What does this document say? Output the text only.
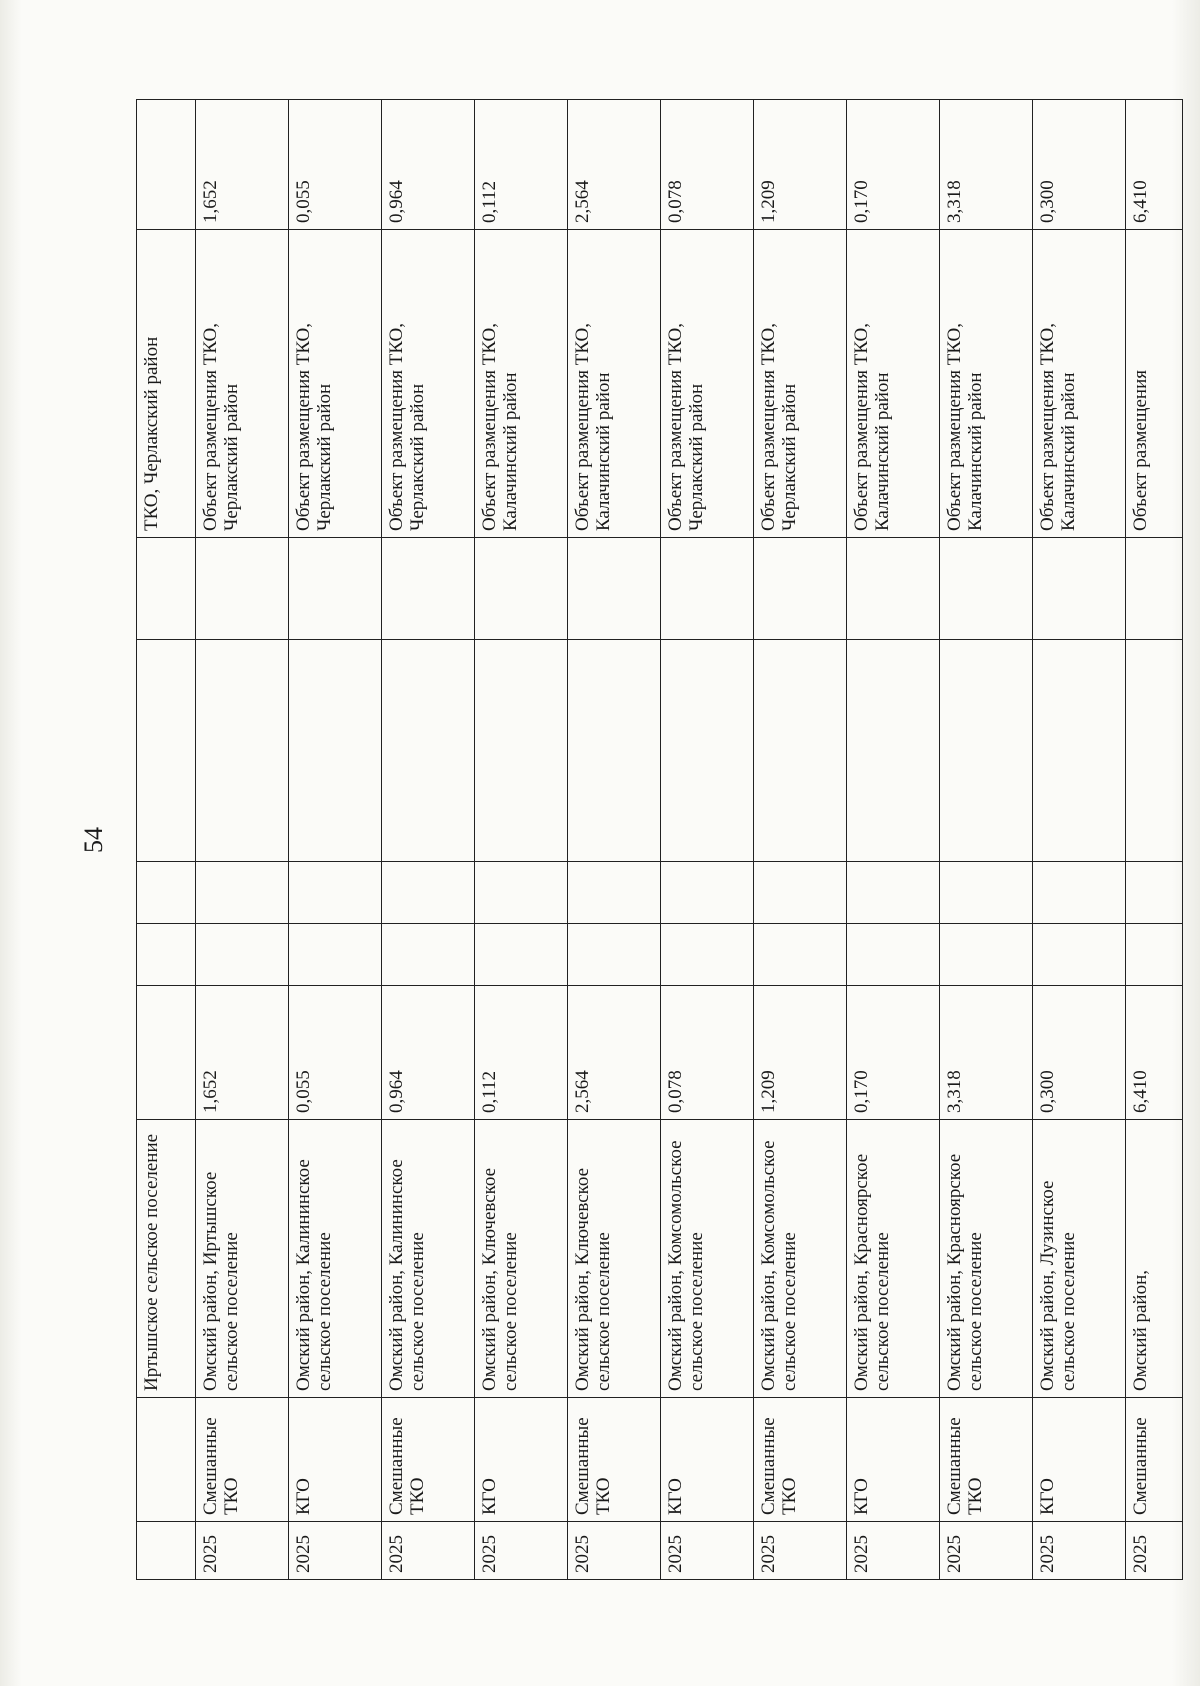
54
		Иртышское сельское поселение						ТКО, Черлакский район	
2025	Смешанные ТКО	Омский район, Иртышское сельское поселение	1,652					Объект размещения ТКО, Черлакский район	1,652
2025	КГО	Омский район, Калининское сельское поселение	0,055					Объект размещения ТКО, Черлакский район	0,055
2025	Смешанные ТКО	Омский район, Калининское сельское поселение	0,964					Объект размещения ТКО, Черлакский район	0,964
2025	КГО	Омский район, Ключевское сельское поселение	0,112					Объект размещения ТКО, Калачинский район	0,112
2025	Смешанные ТКО	Омский район, Ключевское сельское поселение	2,564					Объект размещения ТКО, Калачинский район	2,564
2025	КГО	Омский район, Комсомольское сельское поселение	0,078					Объект размещения ТКО, Черлакский район	0,078
2025	Смешанные ТКО	Омский район, Комсомольское сельское поселение	1,209					Объект размещения ТКО, Черлакский район	1,209
2025	КГО	Омский район, Красноярское сельское поселение	0,170					Объект размещения ТКО, Калачинский район	0,170
2025	Смешанные ТКО	Омский район, Красноярское сельское поселение	3,318					Объект размещения ТКО, Калачинский район	3,318
2025	КГО	Омский район, Лузинское сельское поселение	0,300					Объект размещения ТКО, Калачинский район	0,300
2025	Смешанные	Омский район,	6,410					Объект размещения	6,410
